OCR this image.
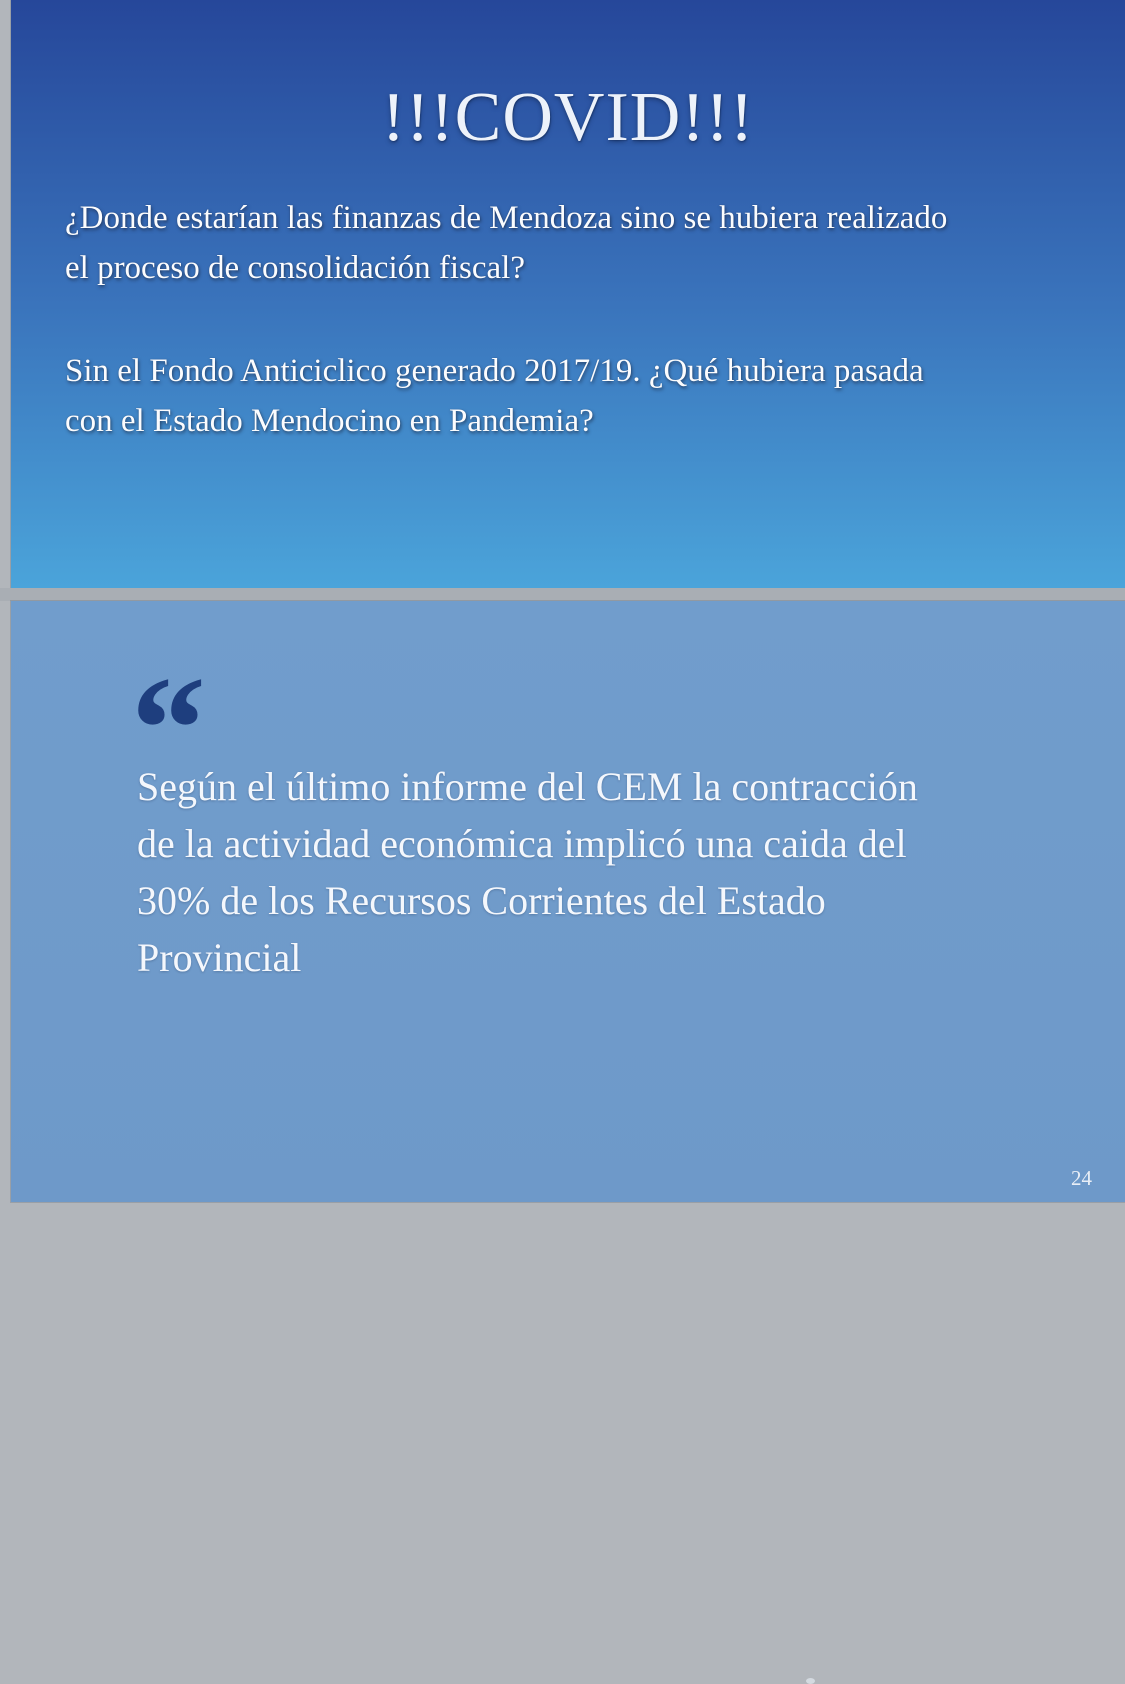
!!!COVID!!!
¿Donde estarían las finanzas de Mendoza sino se hubiera realizado
el proceso de consolidación fiscal?
Sin el Fondo Anticiclico generado 2017/19. ¿Qué hubiera pasada
con el Estado Mendocino en Pandemia?
“
Según el último informe del CEM la contracción
de la actividad económica implicó una caida del
30% de los Recursos Corrientes del Estado
Provincial
24
